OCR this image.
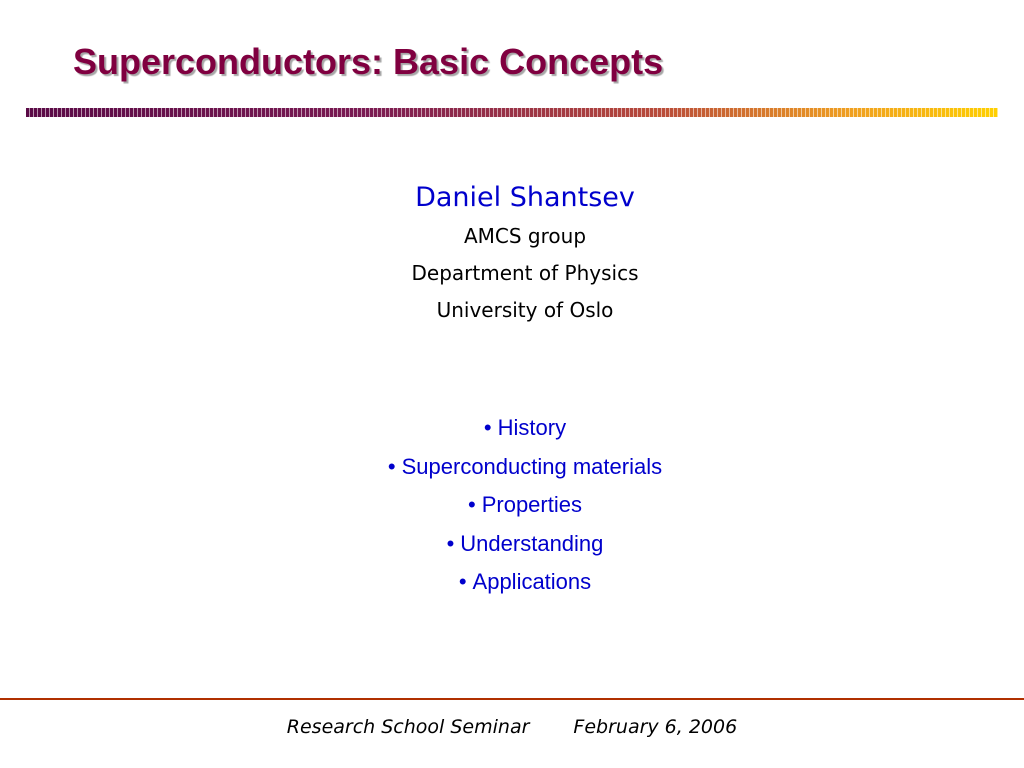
Superconductors: Basic Concepts
Daniel Shantsev
AMCS group
Department of Physics
University of Oslo
• History
• Superconducting materials
• Properties
• Understanding
• Applications
Research School Seminar February 6, 2006
